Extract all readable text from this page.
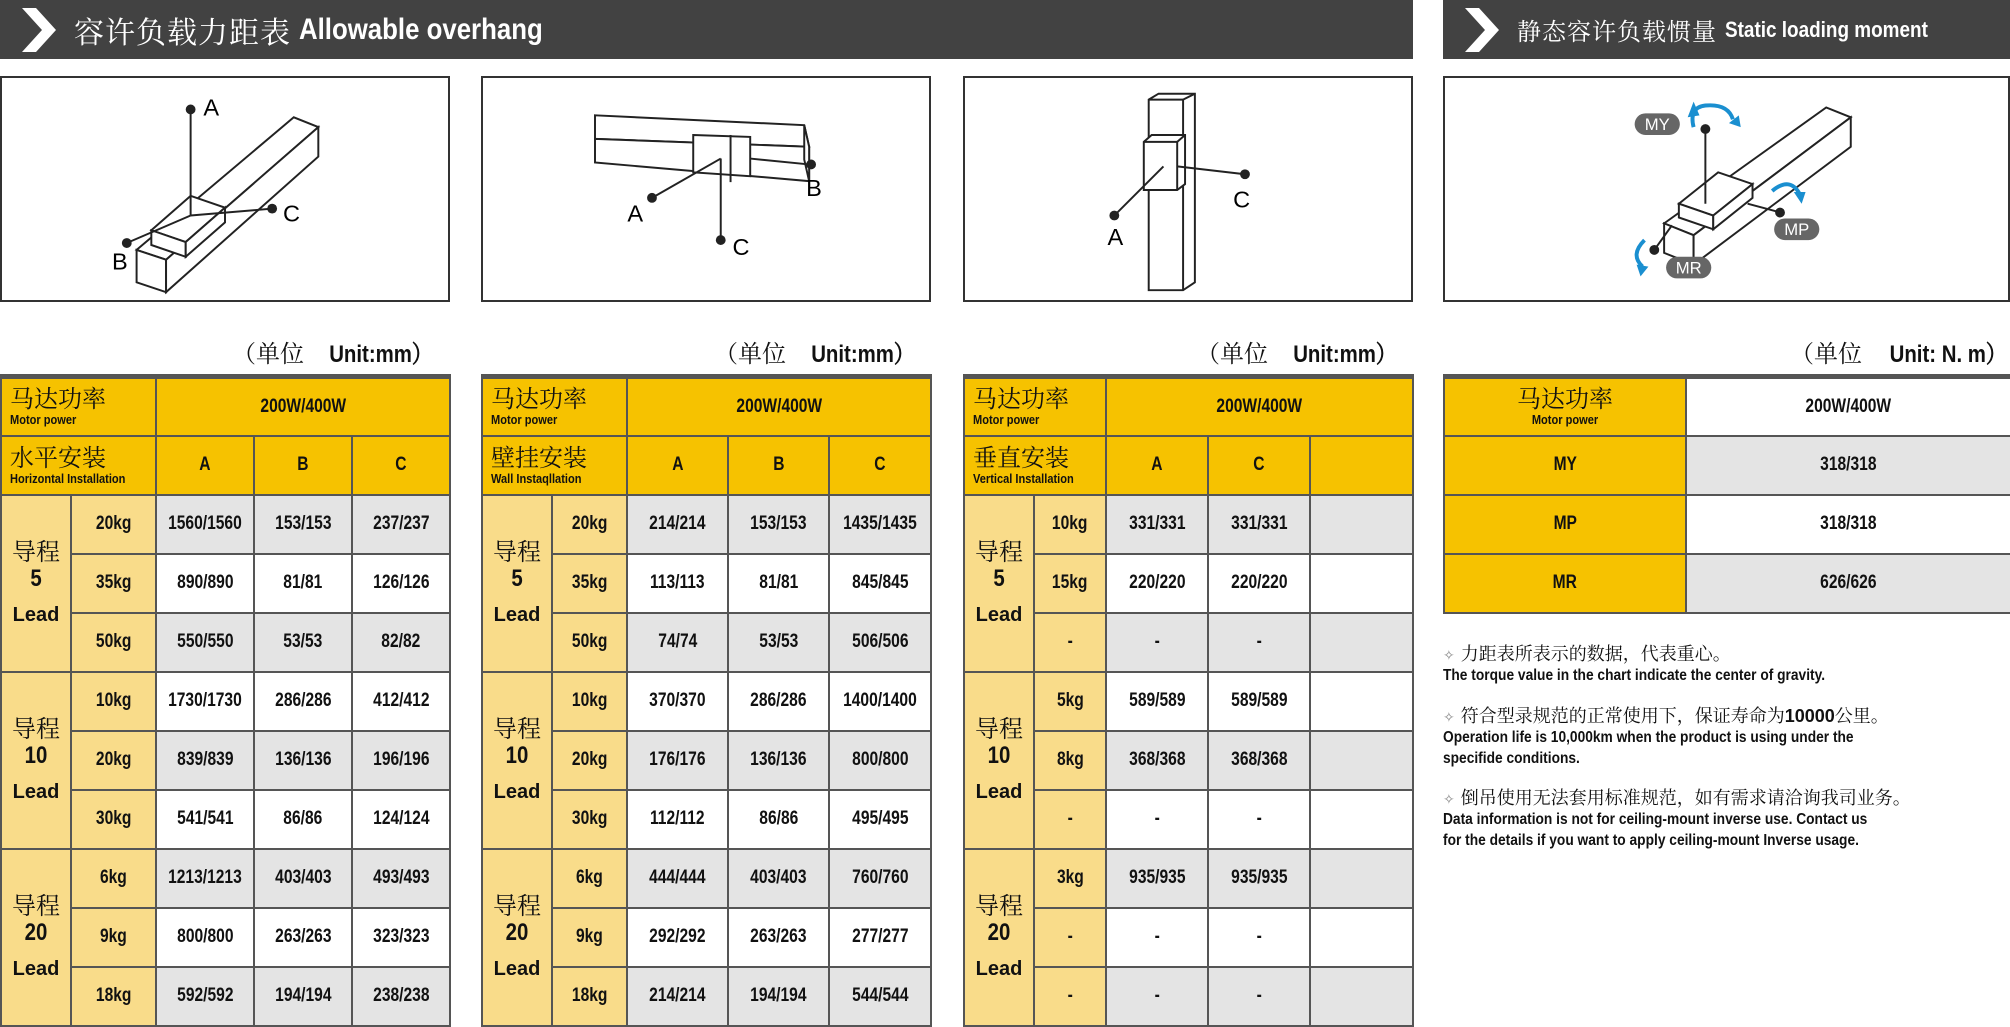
容许负载力距表 Allowable overhang	静态容许负载惯量 Static loading moment
A
C
B
A
B
C	A
C
MY
MP
MR
（单位 Unit:mm）	（单位 Unit:mm）	（单位 Unit:mm）	（单位 Unit: N. m）
马达功率
Motor power		200W/400W		

水平安装
Horizontal Installation		A	B	C

导程
5
Lead	20kg	1560/1560	153/153	237/237
	35kg	890/890	81/81	126/126
	50kg	550/550	53/53	82/82

导程
10
Lead	10kg	1730/1730	286/286	412/412
	20kg	839/839	136/136	196/196
	30kg	541/541	86/86	124/124

导程
20
Lead	6kg	1213/1213	403/403	493/493
	9kg	800/800	263/263	323/323
	18kg	592/592	194/194	238/238
马达功率
Motor power		200W/400W		

壁挂安装
Wall Instaqllation		A	B	C

导程
5
Lead	20kg	214/214	153/153	1435/1435
	35kg	113/113	81/81	845/845
	50kg	74/74	53/53	506/506

导程
10
Lead	10kg	370/370	286/286	1400/1400
	20kg	176/176	136/136	800/800
	30kg	112/112	86/86	495/495

导程
20
Lead	6kg	444/444	403/403	760/760
	9kg	292/292	263/263	277/277
	18kg	214/214	194/194	544/544
马达功率
Motor power		200W/400W		

垂直安装
Vertical Installation		A	C	

导程
5
Lead	10kg	331/331	331/331	
	15kg	220/220	220/220	
	-	-	-	

导程
10
Lead	5kg	589/589	589/589	
	8kg	368/368	368/368	
	-	-	-	

导程
20
Lead	3kg	935/935	935/935	
	-	-	-	
	-	-	-	
马达功率
Motor power	200W/400W
MY	318/318
MP	318/318
MR	626/626
✧ 力距表所表示的数据，代表重心。
The torque value in the chart indicate the center of gravity.
✧ 符合型录规范的正常使用下，保证寿命为10000公里。
Operation life is 10,000km when the product is using under the
specifide conditions.
✧ 倒吊使用无法套用标准规范，如有需求请洽询我司业务。
Data information is not for ceiling-mount inverse use. Contact us
for the details if you want to apply ceiling-mount Inverse usage.
